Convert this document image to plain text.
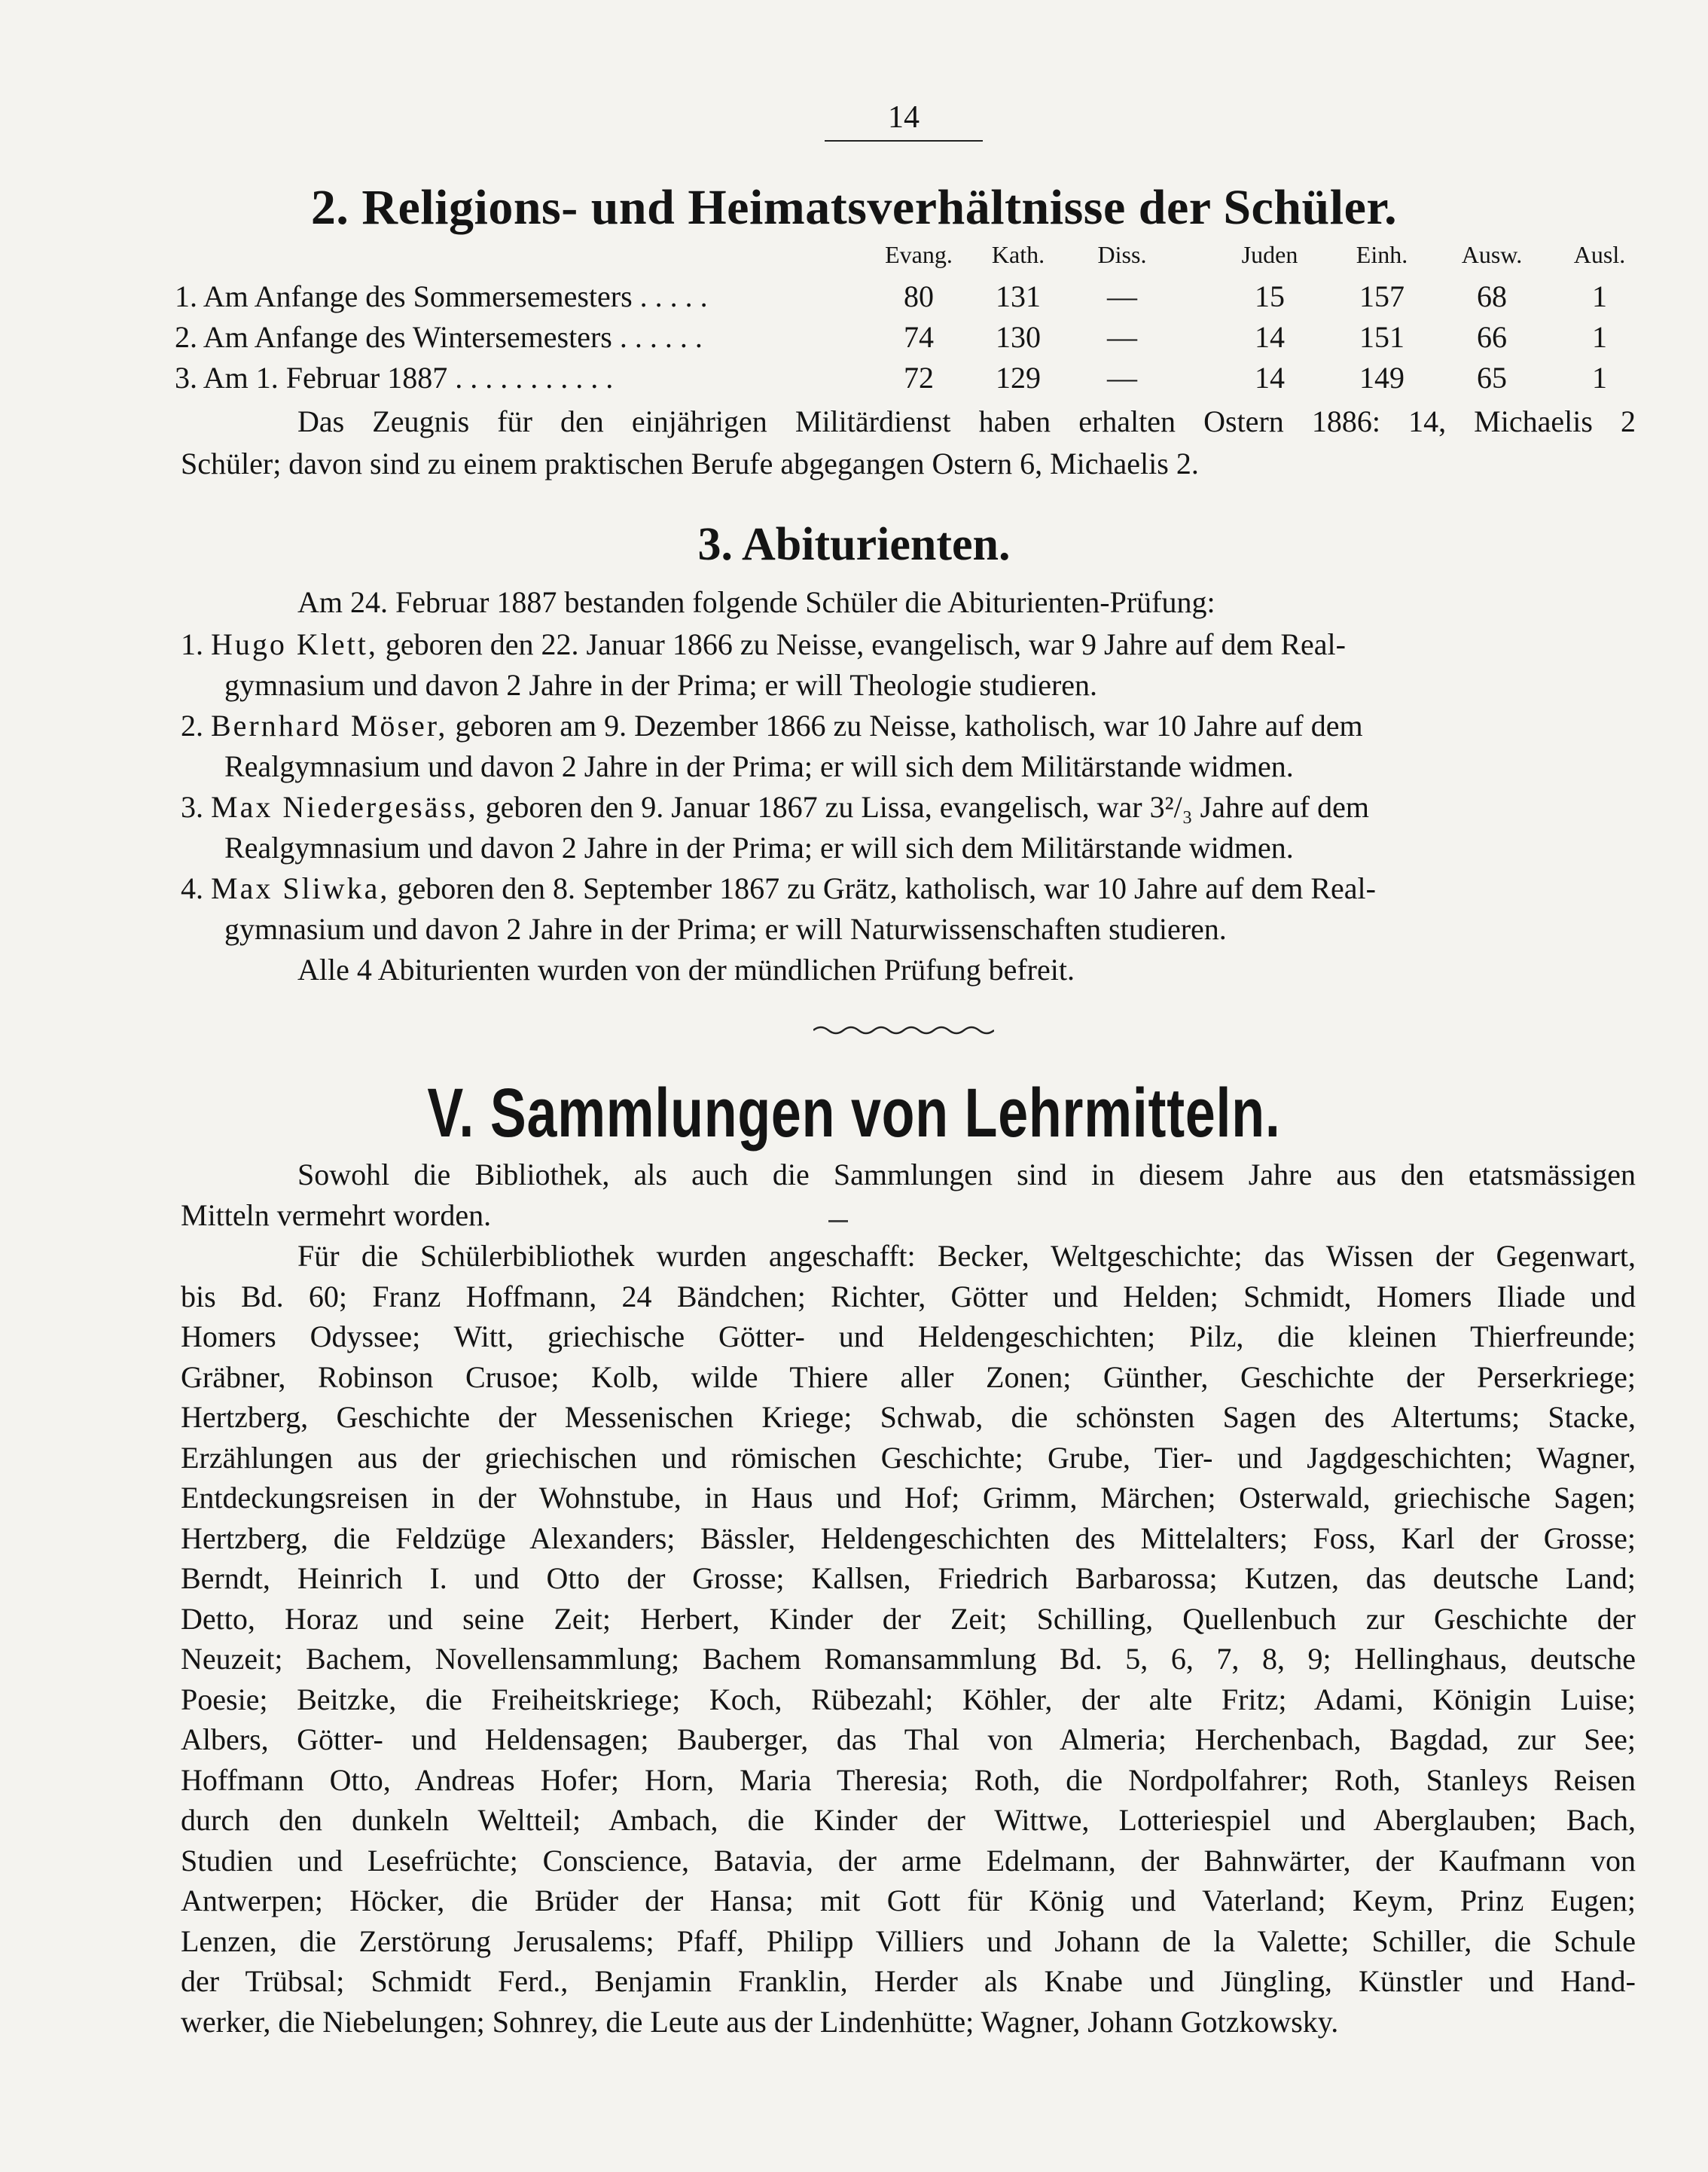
14
2. Religions- und Heimatsverhältnisse der Schüler.
Evang.	Kath.	Diss.	Juden	Einh.	Ausw.	Ausl.
1. Am Anfange des Sommersemesters . . . . .	80	131	—	15	157	68	1
2. Am Anfange des Wintersemesters . . . . . .	74	130	—	14	151	66	1
3. Am 1. Februar 1887 . . . . . . . . . . .	72	129	—	14	149	65	1
Das Zeugnis für den einjährigen Militärdienst haben erhalten Ostern 1886: 14, Michaelis 2
Schüler; davon sind zu einem praktischen Berufe abgegangen Ostern 6, Michaelis 2.
3. Abiturienten.
Am 24. Februar 1887 bestanden folgende Schüler die Abiturienten-Prüfung:
1. Hugo Klett, geboren den 22. Januar 1866 zu Neisse, evangelisch, war 9 Jahre auf dem Real-
gymnasium und davon 2 Jahre in der Prima; er will Theologie studieren.
2. Bernhard Möser, geboren am 9. Dezember 1866 zu Neisse, katholisch, war 10 Jahre auf dem
Realgymnasium und davon 2 Jahre in der Prima; er will sich dem Militärstande widmen.
3. Max Niedergesäss, geboren den 9. Januar 1867 zu Lissa, evangelisch, war 3²/₃ Jahre auf dem
Realgymnasium und davon 2 Jahre in der Prima; er will sich dem Militärstande widmen.
4. Max Sliwka, geboren den 8. September 1867 zu Grätz, katholisch, war 10 Jahre auf dem Real-
gymnasium und davon 2 Jahre in der Prima; er will Naturwissenschaften studieren.
Alle 4 Abiturienten wurden von der mündlichen Prüfung befreit.
V. Sammlungen von Lehrmitteln.
Sowohl die Bibliothek, als auch die Sammlungen sind in diesem Jahre aus den etatsmässigen
Mitteln vermehrt worden.
Für die Schülerbibliothek wurden angeschafft: Becker, Weltgeschichte; das Wissen der Gegenwart,
bis Bd. 60; Franz Hoffmann, 24 Bändchen; Richter, Götter und Helden; Schmidt, Homers Iliade und
Homers Odyssee; Witt, griechische Götter- und Heldengeschichten; Pilz, die kleinen Thierfreunde;
Gräbner, Robinson Crusoe; Kolb, wilde Thiere aller Zonen; Günther, Geschichte der Perserkriege;
Hertzberg, Geschichte der Messenischen Kriege; Schwab, die schönsten Sagen des Altertums; Stacke,
Erzählungen aus der griechischen und römischen Geschichte; Grube, Tier- und Jagdgeschichten; Wagner,
Entdeckungsreisen in der Wohnstube, in Haus und Hof; Grimm, Märchen; Osterwald, griechische Sagen;
Hertzberg, die Feldzüge Alexanders; Bässler, Heldengeschichten des Mittelalters; Foss, Karl der Grosse;
Berndt, Heinrich I. und Otto der Grosse; Kallsen, Friedrich Barbarossa; Kutzen, das deutsche Land;
Detto, Horaz und seine Zeit; Herbert, Kinder der Zeit; Schilling, Quellenbuch zur Geschichte der
Neuzeit; Bachem, Novellensammlung; Bachem Romansammlung Bd. 5, 6, 7, 8, 9; Hellinghaus, deutsche
Poesie; Beitzke, die Freiheitskriege; Koch, Rübezahl; Köhler, der alte Fritz; Adami, Königin Luise;
Albers, Götter- und Heldensagen; Bauberger, das Thal von Almeria; Herchenbach, Bagdad, zur See;
Hoffmann Otto, Andreas Hofer; Horn, Maria Theresia; Roth, die Nordpolfahrer; Roth, Stanleys Reisen
durch den dunkeln Weltteil; Ambach, die Kinder der Wittwe, Lotteriespiel und Aberglauben; Bach,
Studien und Lesefrüchte; Conscience, Batavia, der arme Edelmann, der Bahnwärter, der Kaufmann von
Antwerpen; Höcker, die Brüder der Hansa; mit Gott für König und Vaterland; Keym, Prinz Eugen;
Lenzen, die Zerstörung Jerusalems; Pfaff, Philipp Villiers und Johann de la Valette; Schiller, die Schule
der Trübsal; Schmidt Ferd., Benjamin Franklin, Herder als Knabe und Jüngling, Künstler und Hand-
werker, die Niebelungen; Sohnrey, die Leute aus der Lindenhütte; Wagner, Johann Gotzkowsky.
